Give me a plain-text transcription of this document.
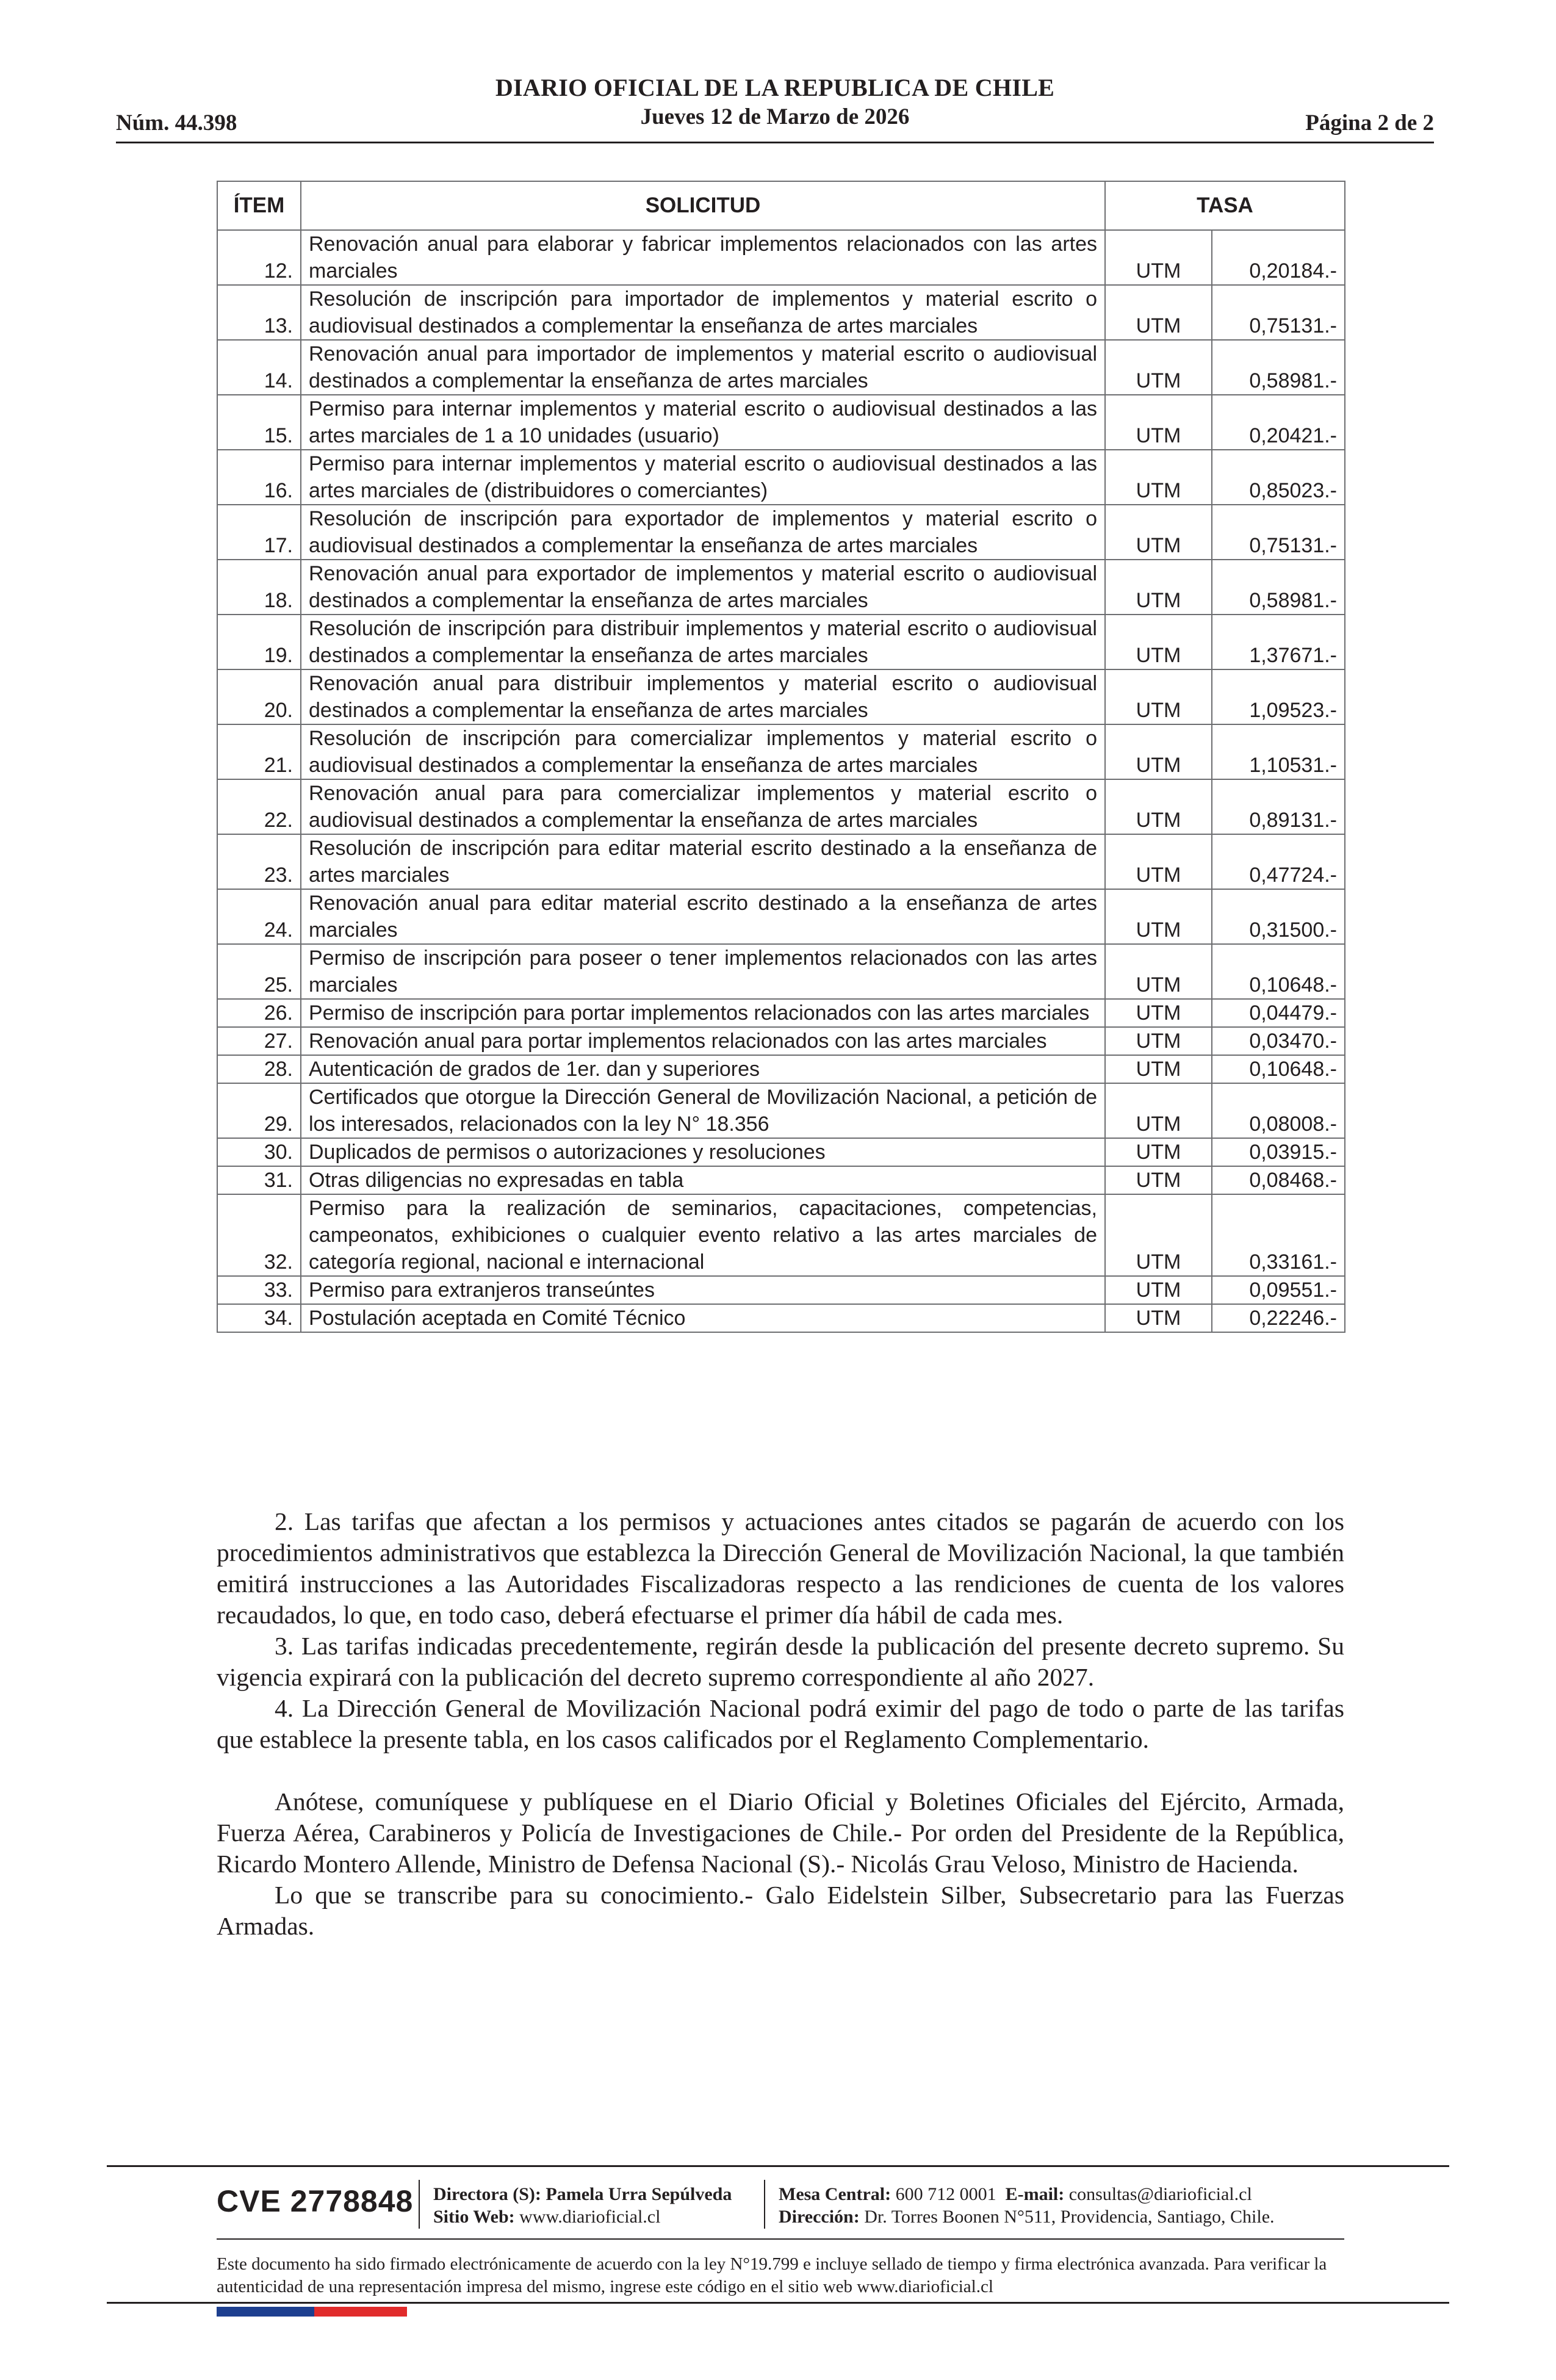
Núm. 44.398
DIARIO OFICIAL DE LA REPUBLICA DE CHILE
Jueves 12 de Marzo de 2026	Página 2 de 2
ÍTEM	SOLICITUD	TASA	
12.	Renovación anual para elaborar y fabricar implementos relacionados con las artes marciales	UTM	0,20184.-
13.	Resolución de inscripción para importador de implementos y material escrito o audiovisual destinados a complementar la enseñanza de artes marciales	UTM	0,75131.-
14.	Renovación anual para importador de implementos y material escrito o audiovisual destinados a complementar la enseñanza de artes marciales	UTM	0,58981.-
15.	Permiso para internar implementos y material escrito o audiovisual destinados a las artes marciales de 1 a 10 unidades (usuario)	UTM	0,20421.-
16.	Permiso para internar implementos y material escrito o audiovisual destinados a las artes marciales de (distribuidores o comerciantes)	UTM	0,85023.-
17.	Resolución de inscripción para exportador de implementos y material escrito o audiovisual destinados a complementar la enseñanza de artes marciales	UTM	0,75131.-
18.	Renovación anual para exportador de implementos y material escrito o audiovisual destinados a complementar la enseñanza de artes marciales	UTM	0,58981.-
19.	Resolución de inscripción para distribuir implementos y material escrito o audiovisual destinados a complementar la enseñanza de artes marciales	UTM	1,37671.-
20.	Renovación anual para distribuir implementos y material escrito o audiovisual destinados a complementar la enseñanza de artes marciales	UTM	1,09523.-
21.	Resolución de inscripción para comercializar implementos y material escrito o audiovisual destinados a complementar la enseñanza de artes marciales	UTM	1,10531.-
22.	Renovación anual para para comercializar implementos y material escrito o audiovisual destinados a complementar la enseñanza de artes marciales	UTM	0,89131.-
23.	Resolución de inscripción para editar material escrito destinado a la enseñanza de artes marciales	UTM	0,47724.-
24.	Renovación anual para editar material escrito destinado a la enseñanza de artes marciales	UTM	0,31500.-
25.	Permiso de inscripción para poseer o tener implementos relacionados con las artes marciales	UTM	0,10648.-
26.	Permiso de inscripción para portar implementos relacionados con las artes marciales	UTM	0,04479.-
27.	Renovación anual para portar implementos relacionados con las artes marciales	UTM	0,03470.-
28.	Autenticación de grados de 1er. dan y superiores	UTM	0,10648.-
29.	Certificados que otorgue la Dirección General de Movilización Nacional, a petición de los interesados, relacionados con la ley N° 18.356	UTM	0,08008.-
30.	Duplicados de permisos o autorizaciones y resoluciones	UTM	0,03915.-
31.	Otras diligencias no expresadas en tabla	UTM	0,08468.-
32.	Permiso para la realización de seminarios, capacitaciones, competencias, campeonatos, exhibiciones o cualquier evento relativo a las artes marciales de categoría regional, nacional e internacional	UTM	0,33161.-
33.	Permiso para extranjeros transeúntes	UTM	0,09551.-
34.	Postulación aceptada en Comité Técnico	UTM	0,22246.-

2. Las tarifas que afectan a los permisos y actuaciones antes citados se pagarán de acuerdo con los procedimientos administrativos que establezca la Dirección General de Movilización Nacional, la que también emitirá instrucciones a las Autoridades Fiscalizadoras respecto a las rendiciones de cuenta de los valores recaudados, lo que, en todo caso, deberá efectuarse el primer día hábil de cada mes.

3. Las tarifas indicadas precedentemente, regirán desde la publicación del presente decreto supremo. Su vigencia expirará con la publicación del decreto supremo correspondiente al año 2027.

4. La Dirección General de Movilización Nacional podrá eximir del pago de todo o parte de las tarifas que establece la presente tabla, en los casos calificados por el Reglamento Complementario.

Anótese, comuníquese y publíquese en el Diario Oficial y Boletines Oficiales del Ejército, Armada, Fuerza Aérea, Carabineros y Policía de Investigaciones de Chile.- Por orden del Presidente de la República, Ricardo Montero Allende, Ministro de Defensa Nacional (S).- Nicolás Grau Veloso, Ministro de Hacienda.

Lo que se transcribe para su conocimiento.- Galo Eidelstein Silber, Subsecretario para las Fuerzas Armadas.

CVE 2778848 Directora (S): Pamela Urra Sepúlveda
Sitio Web: www.diarioficial.cl
Mesa Central: 600 712 0001 E-mail: consultas@diarioficial.cl
Dirección: Dr. Torres Boonen N°511, Providencia, Santiago, Chile.
Este documento ha sido firmado electrónicamente de acuerdo con la ley N°19.799 e incluye sellado de tiempo y firma electrónica avanzada. Para verificar la autenticidad de una representación impresa del mismo, ingrese este código en el sitio web www.diarioficial.cl
